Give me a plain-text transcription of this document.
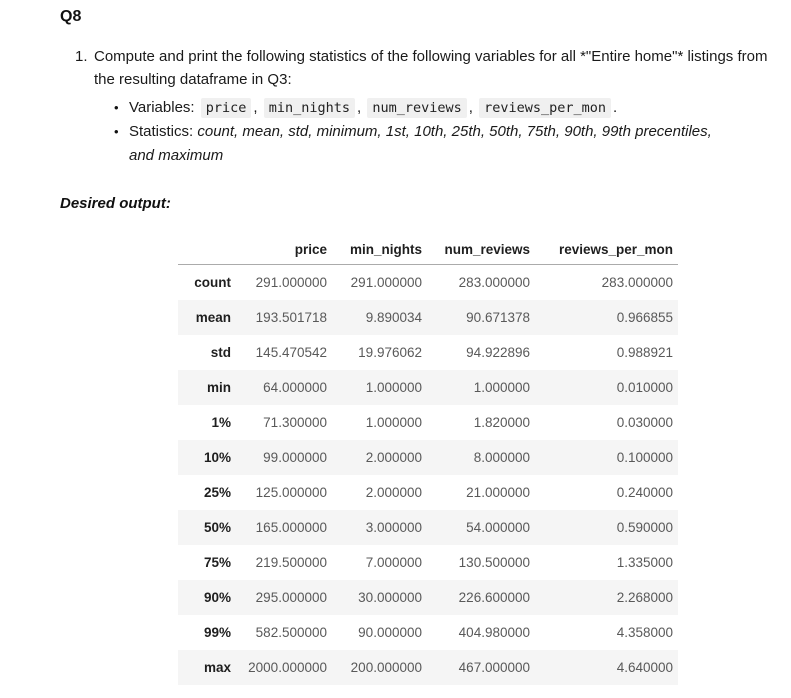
Q8
1. Compute and print the following statistics of the following variables for all *"Entire home"* listings from the resulting dataframe in Q3:
• Variables: price , min_nights , num_reviews , reviews_per_mon .
• Statistics: count, mean, std, minimum, 1st, 10th, 25th, 50th, 75th, 90th, 99th precentiles, and maximum

Desired output:

	price	min_nights	num_reviews	reviews_per_mon
count	291.000000	291.000000	283.000000	283.000000
mean	193.501718	9.890034	90.671378	0.966855
std	145.470542	19.976062	94.922896	0.988921
min	64.000000	1.000000	1.000000	0.010000
1%	71.300000	1.000000	1.820000	0.030000
10%	99.000000	2.000000	8.000000	0.100000
25%	125.000000	2.000000	21.000000	0.240000
50%	165.000000	3.000000	54.000000	0.590000
75%	219.500000	7.000000	130.500000	1.335000
90%	295.000000	30.000000	226.600000	2.268000
99%	582.500000	90.000000	404.980000	4.358000
max	2000.000000	200.000000	467.000000	4.640000
